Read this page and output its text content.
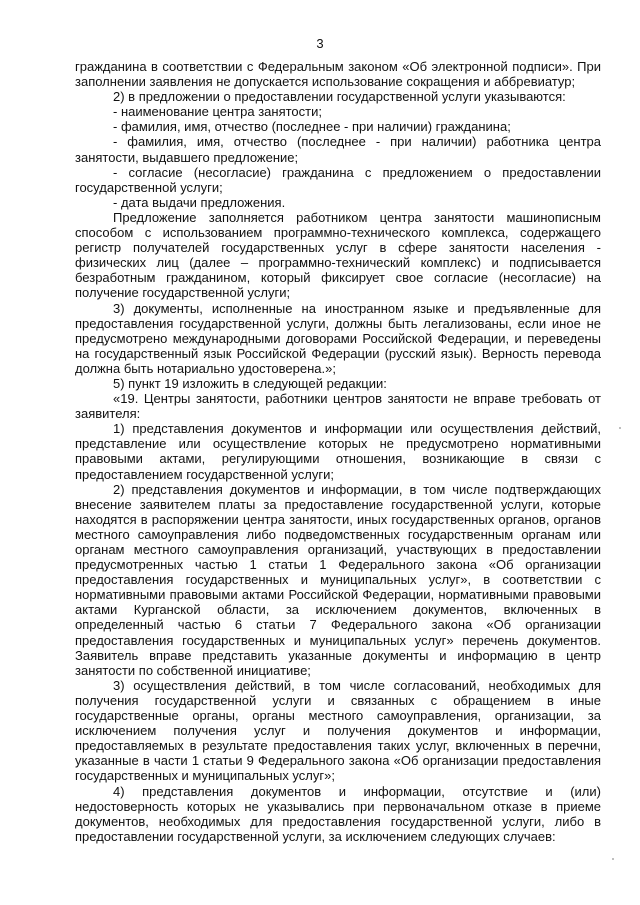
3

гражданина в соответствии с Федеральным законом «Об электронной подписи». При заполнении заявления не допускается использование сокращения и аббревиатур;

2) в предложении о предоставлении государственной услуги указываются:

- наименование центра занятости;

- фамилия, имя, отчество (последнее - при наличии) гражданина;

- фамилия, имя, отчество (последнее - при наличии) работника центра занятости, выдавшего предложение;

- согласие (несогласие) гражданина с предложением о предоставлении государственной услуги;

- дата выдачи предложения.

Предложение заполняется работником центра занятости машинописным способом с использованием программно-технического комплекса, содержащего регистр получателей государственных услуг в сфере занятости населения - физических лиц (далее – программно-технический комплекс) и подписывается безработным гражданином, который фиксирует свое согласие (несогласие) на получение государственной услуги;

3) документы, исполненные на иностранном языке и предъявленные для предоставления государственной услуги, должны быть легализованы, если иное не предусмотрено международными договорами Российской Федерации, и переведены на государственный язык Российской Федерации (русский язык). Верность перевода должна быть нотариально удостоверена.»;

5) пункт 19 изложить в следующей редакции:

«19. Центры занятости, работники центров занятости не вправе требовать от заявителя:

1) представления документов и информации или осуществления действий, представление или осуществление которых не предусмотрено нормативными правовыми актами, регулирующими отношения, возникающие в связи с предоставлением государственной услуги;

2) представления документов и информации, в том числе подтверждающих внесение заявителем платы за предоставление государственной услуги, которые находятся в распоряжении центра занятости, иных государственных органов, органов местного самоуправления либо подведомственных государственным органам или органам местного самоуправления организаций, участвующих в предоставлении предусмотренных частью 1 статьи 1 Федерального закона «Об организации предоставления государственных и муниципальных услуг», в соответствии с нормативными правовыми актами Российской Федерации, нормативными правовыми актами Курганской области, за исключением документов, включенных в определенный частью 6 статьи 7 Федерального закона «Об организации предоставления государственных и муниципальных услуг» перечень документов. Заявитель вправе представить указанные документы и информацию в центр занятости по собственной инициативе;

3) осуществления действий, в том числе согласований, необходимых для получения государственной услуги и связанных с обращением в иные государственные органы, органы местного самоуправления, организации, за исключением получения услуг и получения документов и информации, предоставляемых в результате предоставления таких услуг, включенных в перечни, указанные в части 1 статьи 9 Федерального закона «Об организации предоставления государственных и муниципальных услуг»;

4) представления документов и информации, отсутствие и (или) недостоверность которых не указывались при первоначальном отказе в приеме документов, необходимых для предоставления государственной услуги, либо в предоставлении государственной услуги, за исключением следующих случаев:
